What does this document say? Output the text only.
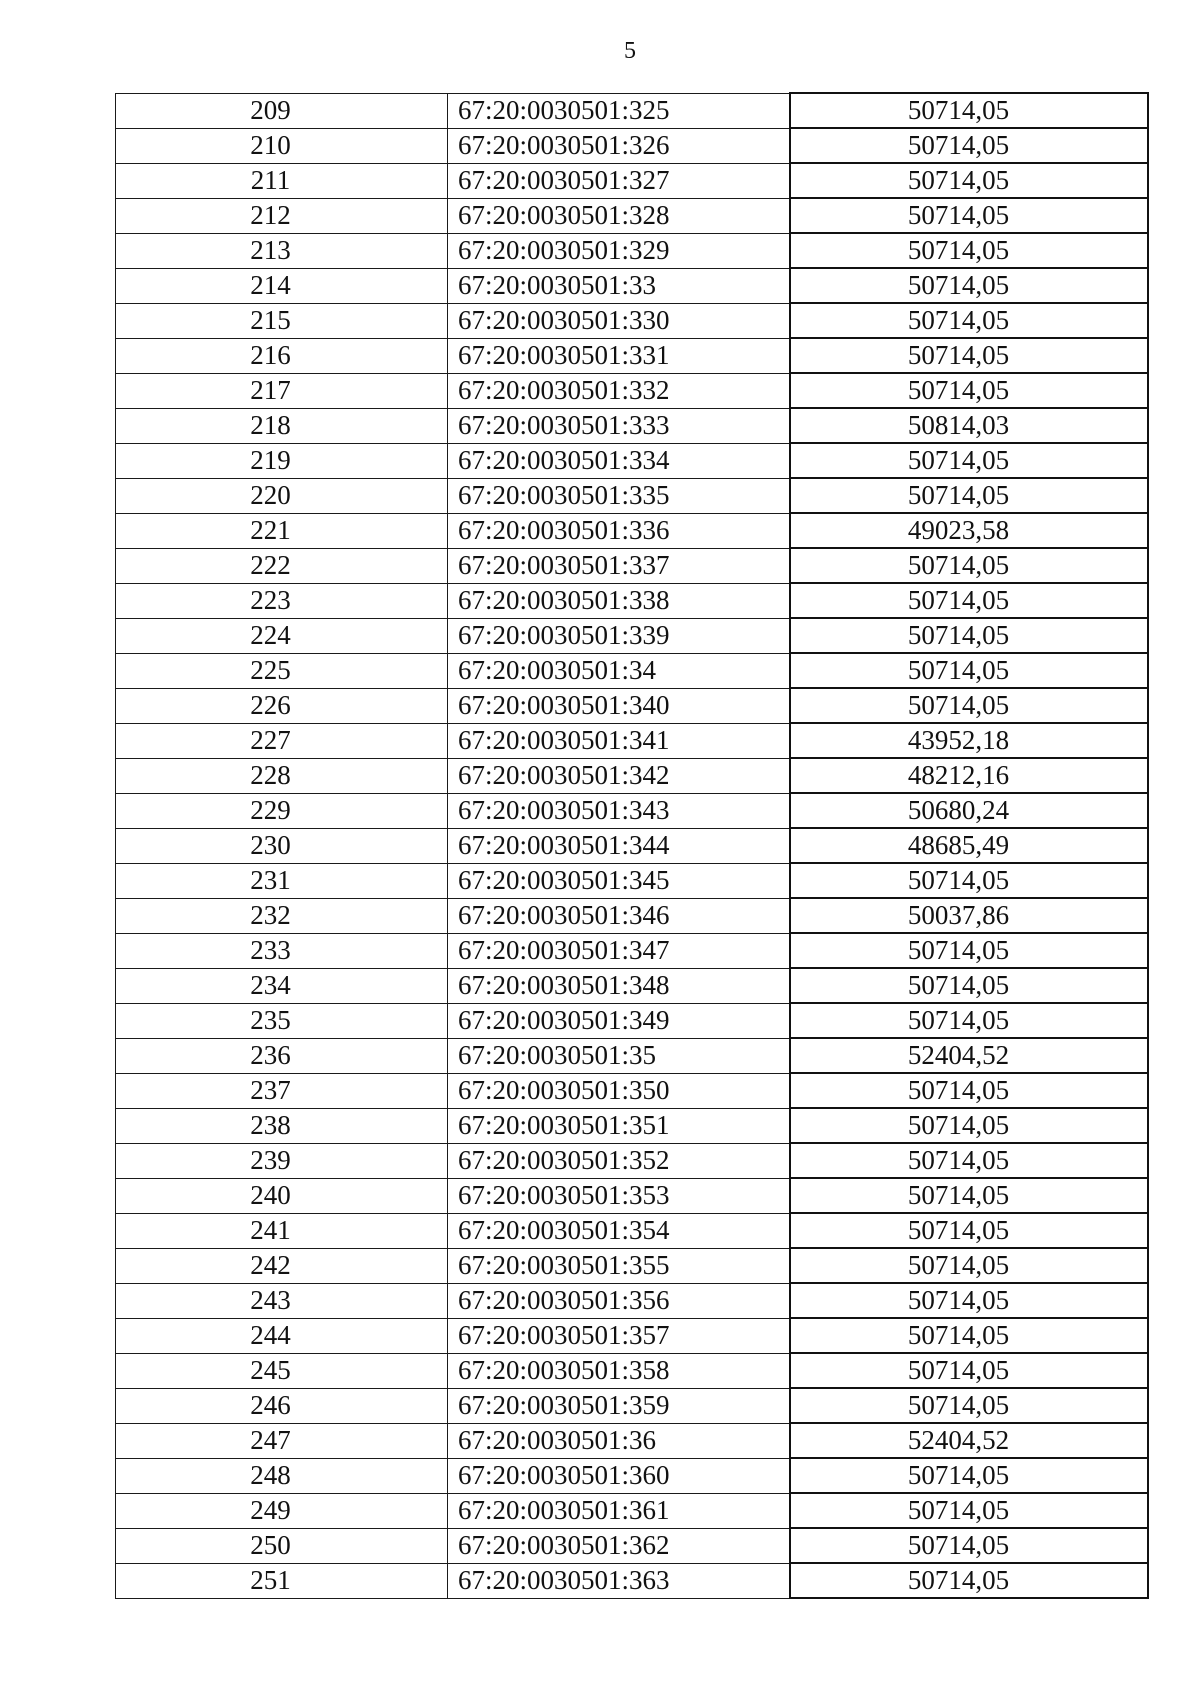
5
209	67:20:0030501:325	50714,05
210	67:20:0030501:326	50714,05
211	67:20:0030501:327	50714,05
212	67:20:0030501:328	50714,05
213	67:20:0030501:329	50714,05
214	67:20:0030501:33	50714,05
215	67:20:0030501:330	50714,05
216	67:20:0030501:331	50714,05
217	67:20:0030501:332	50714,05
218	67:20:0030501:333	50814,03
219	67:20:0030501:334	50714,05
220	67:20:0030501:335	50714,05
221	67:20:0030501:336	49023,58
222	67:20:0030501:337	50714,05
223	67:20:0030501:338	50714,05
224	67:20:0030501:339	50714,05
225	67:20:0030501:34	50714,05
226	67:20:0030501:340	50714,05
227	67:20:0030501:341	43952,18
228	67:20:0030501:342	48212,16
229	67:20:0030501:343	50680,24
230	67:20:0030501:344	48685,49
231	67:20:0030501:345	50714,05
232	67:20:0030501:346	50037,86
233	67:20:0030501:347	50714,05
234	67:20:0030501:348	50714,05
235	67:20:0030501:349	50714,05
236	67:20:0030501:35	52404,52
237	67:20:0030501:350	50714,05
238	67:20:0030501:351	50714,05
239	67:20:0030501:352	50714,05
240	67:20:0030501:353	50714,05
241	67:20:0030501:354	50714,05
242	67:20:0030501:355	50714,05
243	67:20:0030501:356	50714,05
244	67:20:0030501:357	50714,05
245	67:20:0030501:358	50714,05
246	67:20:0030501:359	50714,05
247	67:20:0030501:36	52404,52
248	67:20:0030501:360	50714,05
249	67:20:0030501:361	50714,05
250	67:20:0030501:362	50714,05
251	67:20:0030501:363	50714,05
